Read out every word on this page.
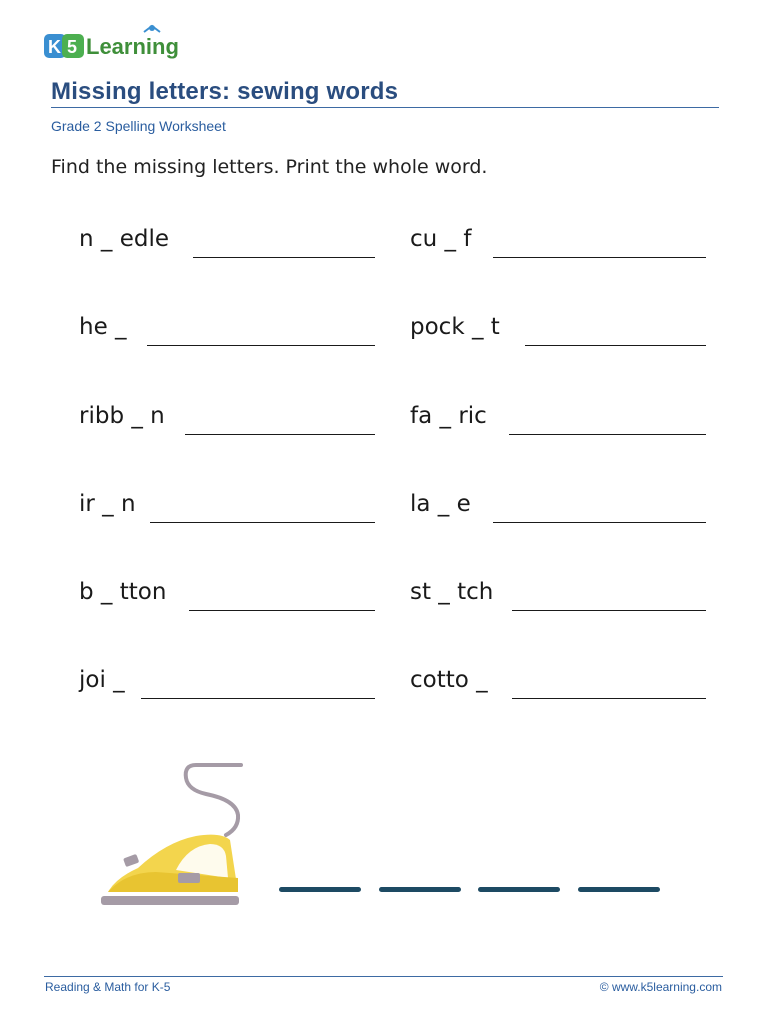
K 5 Learning
Missing letters: sewing words
Grade 2 Spelling Worksheet
Find the missing letters. Print the whole word.
n _ edle
he _
ribb _ n
ir _ n
b _ tton
joi _
cu _ f
pock _ t
fa _ ric
la _ e
st _ tch
cotto _
Reading & Math for K-5	© www.k5learning.com
